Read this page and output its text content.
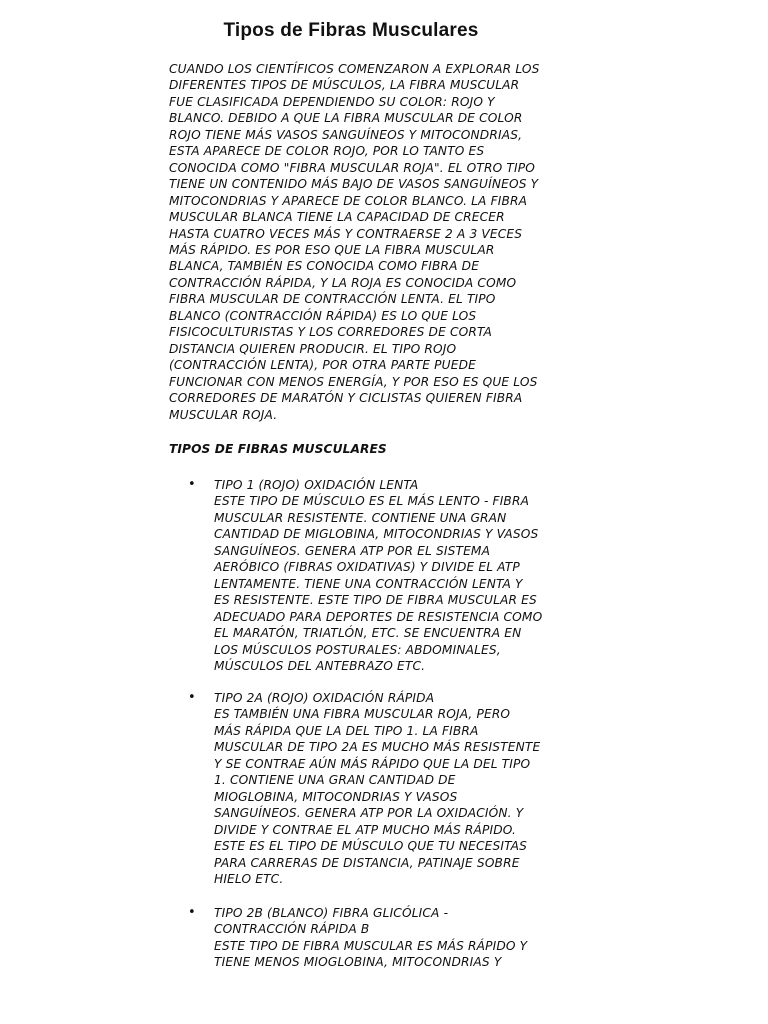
Tipos de Fibras Musculares
CUANDO LOS CIENTÍFICOS COMENZARON A EXPLORAR LOS
DIFERENTES TIPOS DE MÚSCULOS, LA FIBRA MUSCULAR
FUE CLASIFICADA DEPENDIENDO SU COLOR: ROJO Y
BLANCO. DEBIDO A QUE LA FIBRA MUSCULAR DE COLOR
ROJO TIENE MÁS VASOS SANGUÍNEOS Y MITOCONDRIAS,
ESTA APARECE DE COLOR ROJO, POR LO TANTO ES
CONOCIDA COMO "FIBRA MUSCULAR ROJA". EL OTRO TIPO
TIENE UN CONTENIDO MÁS BAJO DE VASOS SANGUÍNEOS Y
MITOCONDRIAS Y APARECE DE COLOR BLANCO. LA FIBRA
MUSCULAR BLANCA TIENE LA CAPACIDAD DE CRECER
HASTA CUATRO VECES MÁS Y CONTRAERSE 2 A 3 VECES
MÁS RÁPIDO. ES POR ESO QUE LA FIBRA MUSCULAR
BLANCA, TAMBIÉN ES CONOCIDA COMO FIBRA DE
CONTRACCIÓN RÁPIDA, Y LA ROJA ES CONOCIDA COMO
FIBRA MUSCULAR DE CONTRACCIÓN LENTA. EL TIPO
BLANCO (CONTRACCIÓN RÁPIDA) ES LO QUE LOS
FISICOCULTURISTAS Y LOS CORREDORES DE CORTA
DISTANCIA QUIEREN PRODUCIR. EL TIPO ROJO
(CONTRACCIÓN LENTA), POR OTRA PARTE PUEDE
FUNCIONAR CON MENOS ENERGÍA, Y POR ESO ES QUE LOS
CORREDORES DE MARATÓN Y CICLISTAS QUIEREN FIBRA
MUSCULAR ROJA.
TIPOS DE FIBRAS MUSCULARES
• TIPO 1 (ROJO) OXIDACIÓN LENTA
ESTE TIPO DE MÚSCULO ES EL MÁS LENTO - FIBRA
MUSCULAR RESISTENTE. CONTIENE UNA GRAN
CANTIDAD DE MIGLOBINA, MITOCONDRIAS Y VASOS
SANGUÍNEOS. GENERA ATP POR EL SISTEMA
AERÓBICO (FIBRAS OXIDATIVAS) Y DIVIDE EL ATP
LENTAMENTE. TIENE UNA CONTRACCIÓN LENTA Y
ES RESISTENTE. ESTE TIPO DE FIBRA MUSCULAR ES
ADECUADO PARA DEPORTES DE RESISTENCIA COMO
EL MARATÓN, TRIATLÓN, ETC. SE ENCUENTRA EN
LOS MÚSCULOS POSTURALES: ABDOMINALES,
MÚSCULOS DEL ANTEBRAZO ETC.
• TIPO 2A (ROJO) OXIDACIÓN RÁPIDA
ES TAMBIÉN UNA FIBRA MUSCULAR ROJA, PERO
MÁS RÁPIDA QUE LA DEL TIPO 1. LA FIBRA
MUSCULAR DE TIPO 2A ES MUCHO MÁS RESISTENTE
Y SE CONTRAE AÚN MÁS RÁPIDO QUE LA DEL TIPO
1. CONTIENE UNA GRAN CANTIDAD DE
MIOGLOBINA, MITOCONDRIAS Y VASOS
SANGUÍNEOS. GENERA ATP POR LA OXIDACIÓN. Y
DIVIDE Y CONTRAE EL ATP MUCHO MÁS RÁPIDO.
ESTE ES EL TIPO DE MÚSCULO QUE TU NECESITAS
PARA CARRERAS DE DISTANCIA, PATINAJE SOBRE
HIELO ETC.
• TIPO 2B (BLANCO) FIBRA GLICÓLICA -
CONTRACCIÓN RÁPIDA B
ESTE TIPO DE FIBRA MUSCULAR ES MÁS RÁPIDO Y
TIENE MENOS MIOGLOBINA, MITOCONDRIAS Y
